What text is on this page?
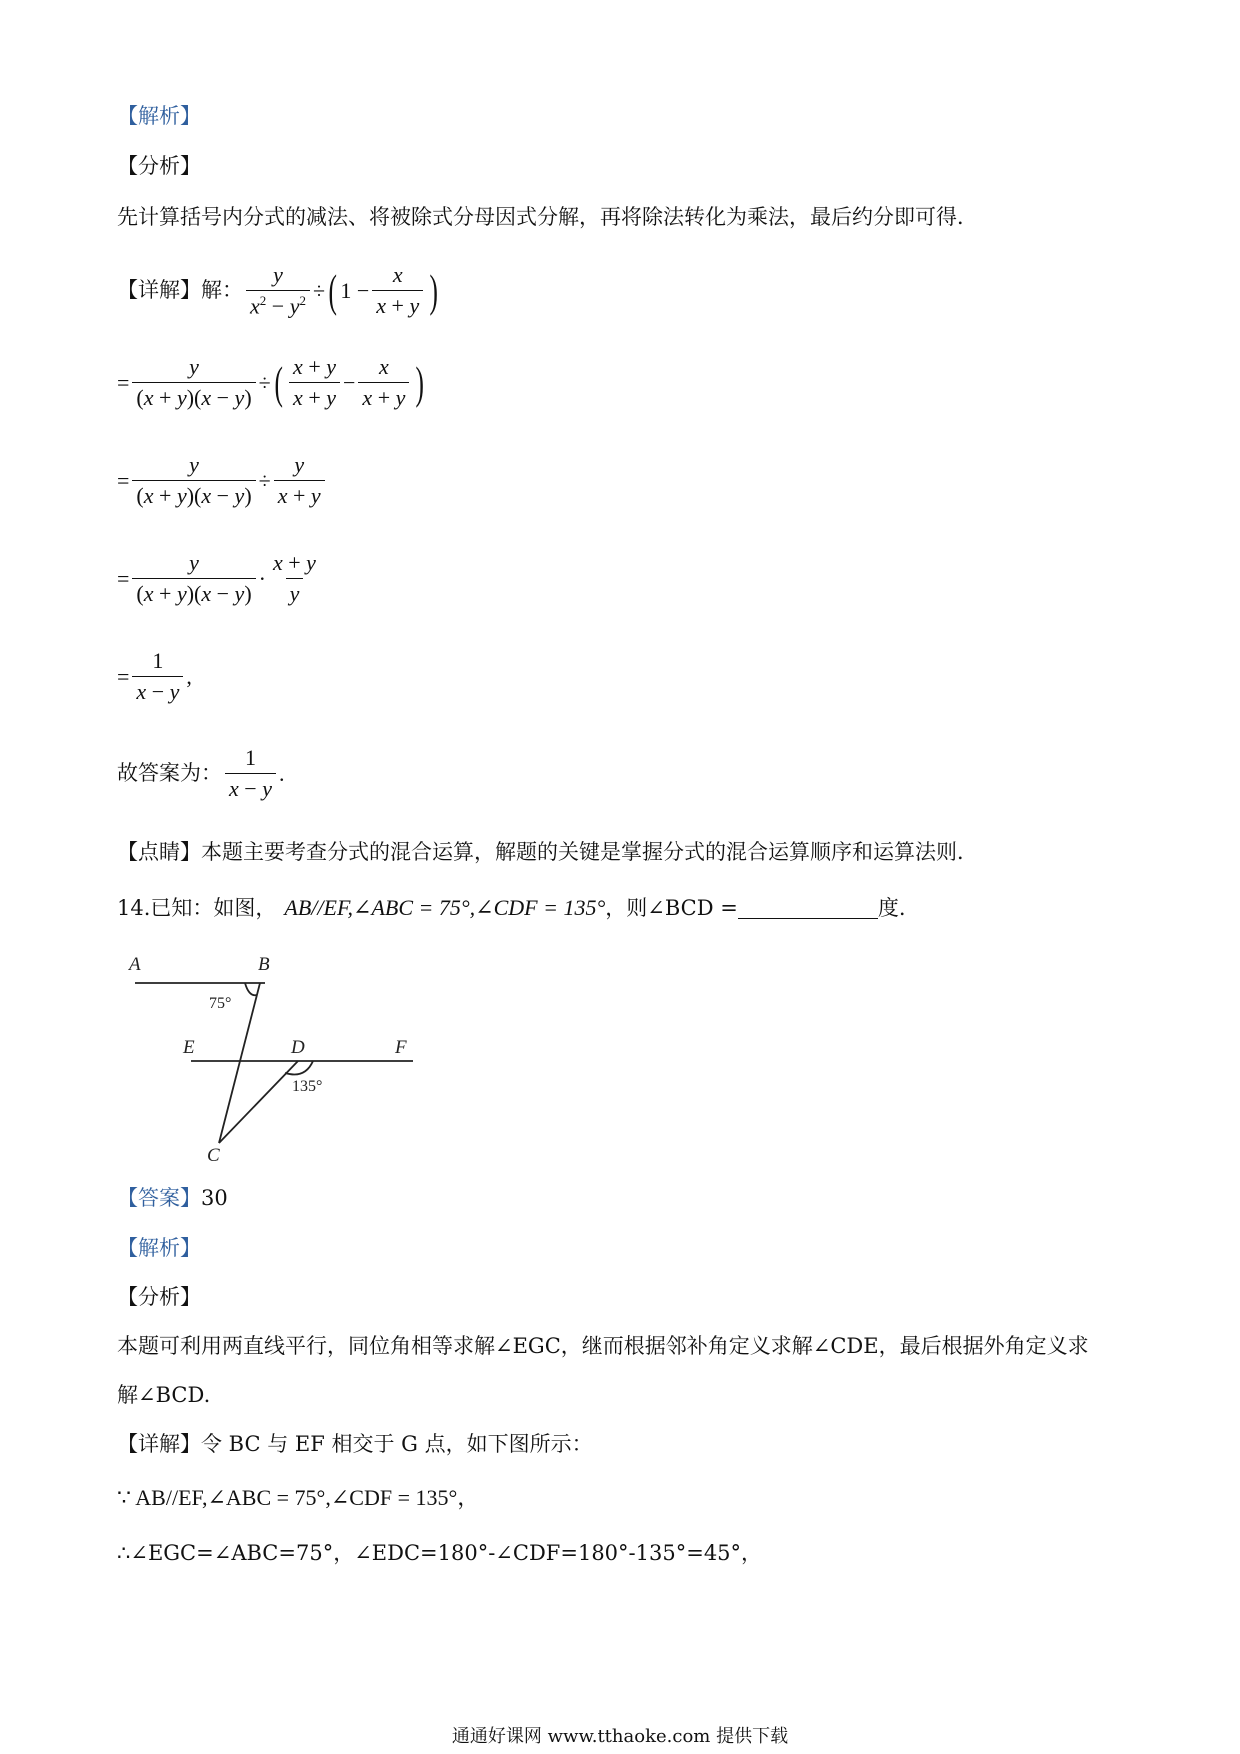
【解析】
【分析】
先计算括号内分式的减法、将被除式分母因式分解，再将除法转化为乘法，最后约分即可得．
【详解】解： $\frac{y}{x^2 - y^2}$ ÷ ( $1 - \frac{x}{x + y}$ )
= $\frac{y}{(x + y)(x - y)}$ ÷ ( $\frac{x + y}{x + y} - \frac{x}{x + y}$ )
= $\frac{y}{(x + y)(x - y)} \div \frac{y}{x + y}$
= $\frac{y}{(x + y)(x - y)} \cdot \frac{x + y}{y}$
= $\frac{1}{x - y}$ ,
故答案为： $\frac{1}{x - y}$ .
【点睛】本题主要考查分式的混合运算，解题的关键是掌握分式的混合运算顺序和运算法则．
14.已知：如图， AB//EF,∠ABC = 75°,∠CDF = 135° ，则∠BCD =	度.
A	B
E	D	F
C
75°
135°
【答案】 30
【解析】
【分析】
本题可利用两直线平行，同位角相等求解∠EGC，继而根据邻补角定义求解∠CDE，最后根据外角定义求
解∠BCD.
【详解】令 BC 与 EF 相交于 G 点，如下图所示：
∵ AB//EF,∠ABC = 75°,∠CDF = 135°，
∴∠EGC=∠ABC=75°，∠EDC=180°-∠CDF=180°-135°=45°，
通通好课网 www.tthaoke.com 提供下载
